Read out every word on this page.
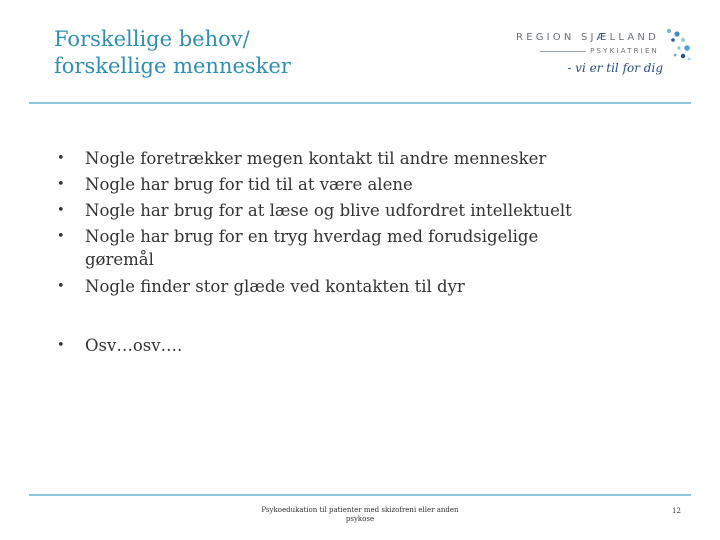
Forskellige behov/
forskellige mennesker
REGION SJÆLLAND
PSYKIATRIEN
- vi er til for dig
• Nogle foretrækker megen kontakt til andre mennesker
• Nogle har brug for tid til at være alene
• Nogle har brug for at læse og blive udfordret intellektuelt
• Nogle har brug for en tryg hverdag med forudsigelige
gøremål
• Nogle finder stor glæde ved kontakten til dyr
• Osv…osv….
Psykoedukation til patienter med skizofreni eller anden
psykose
12
